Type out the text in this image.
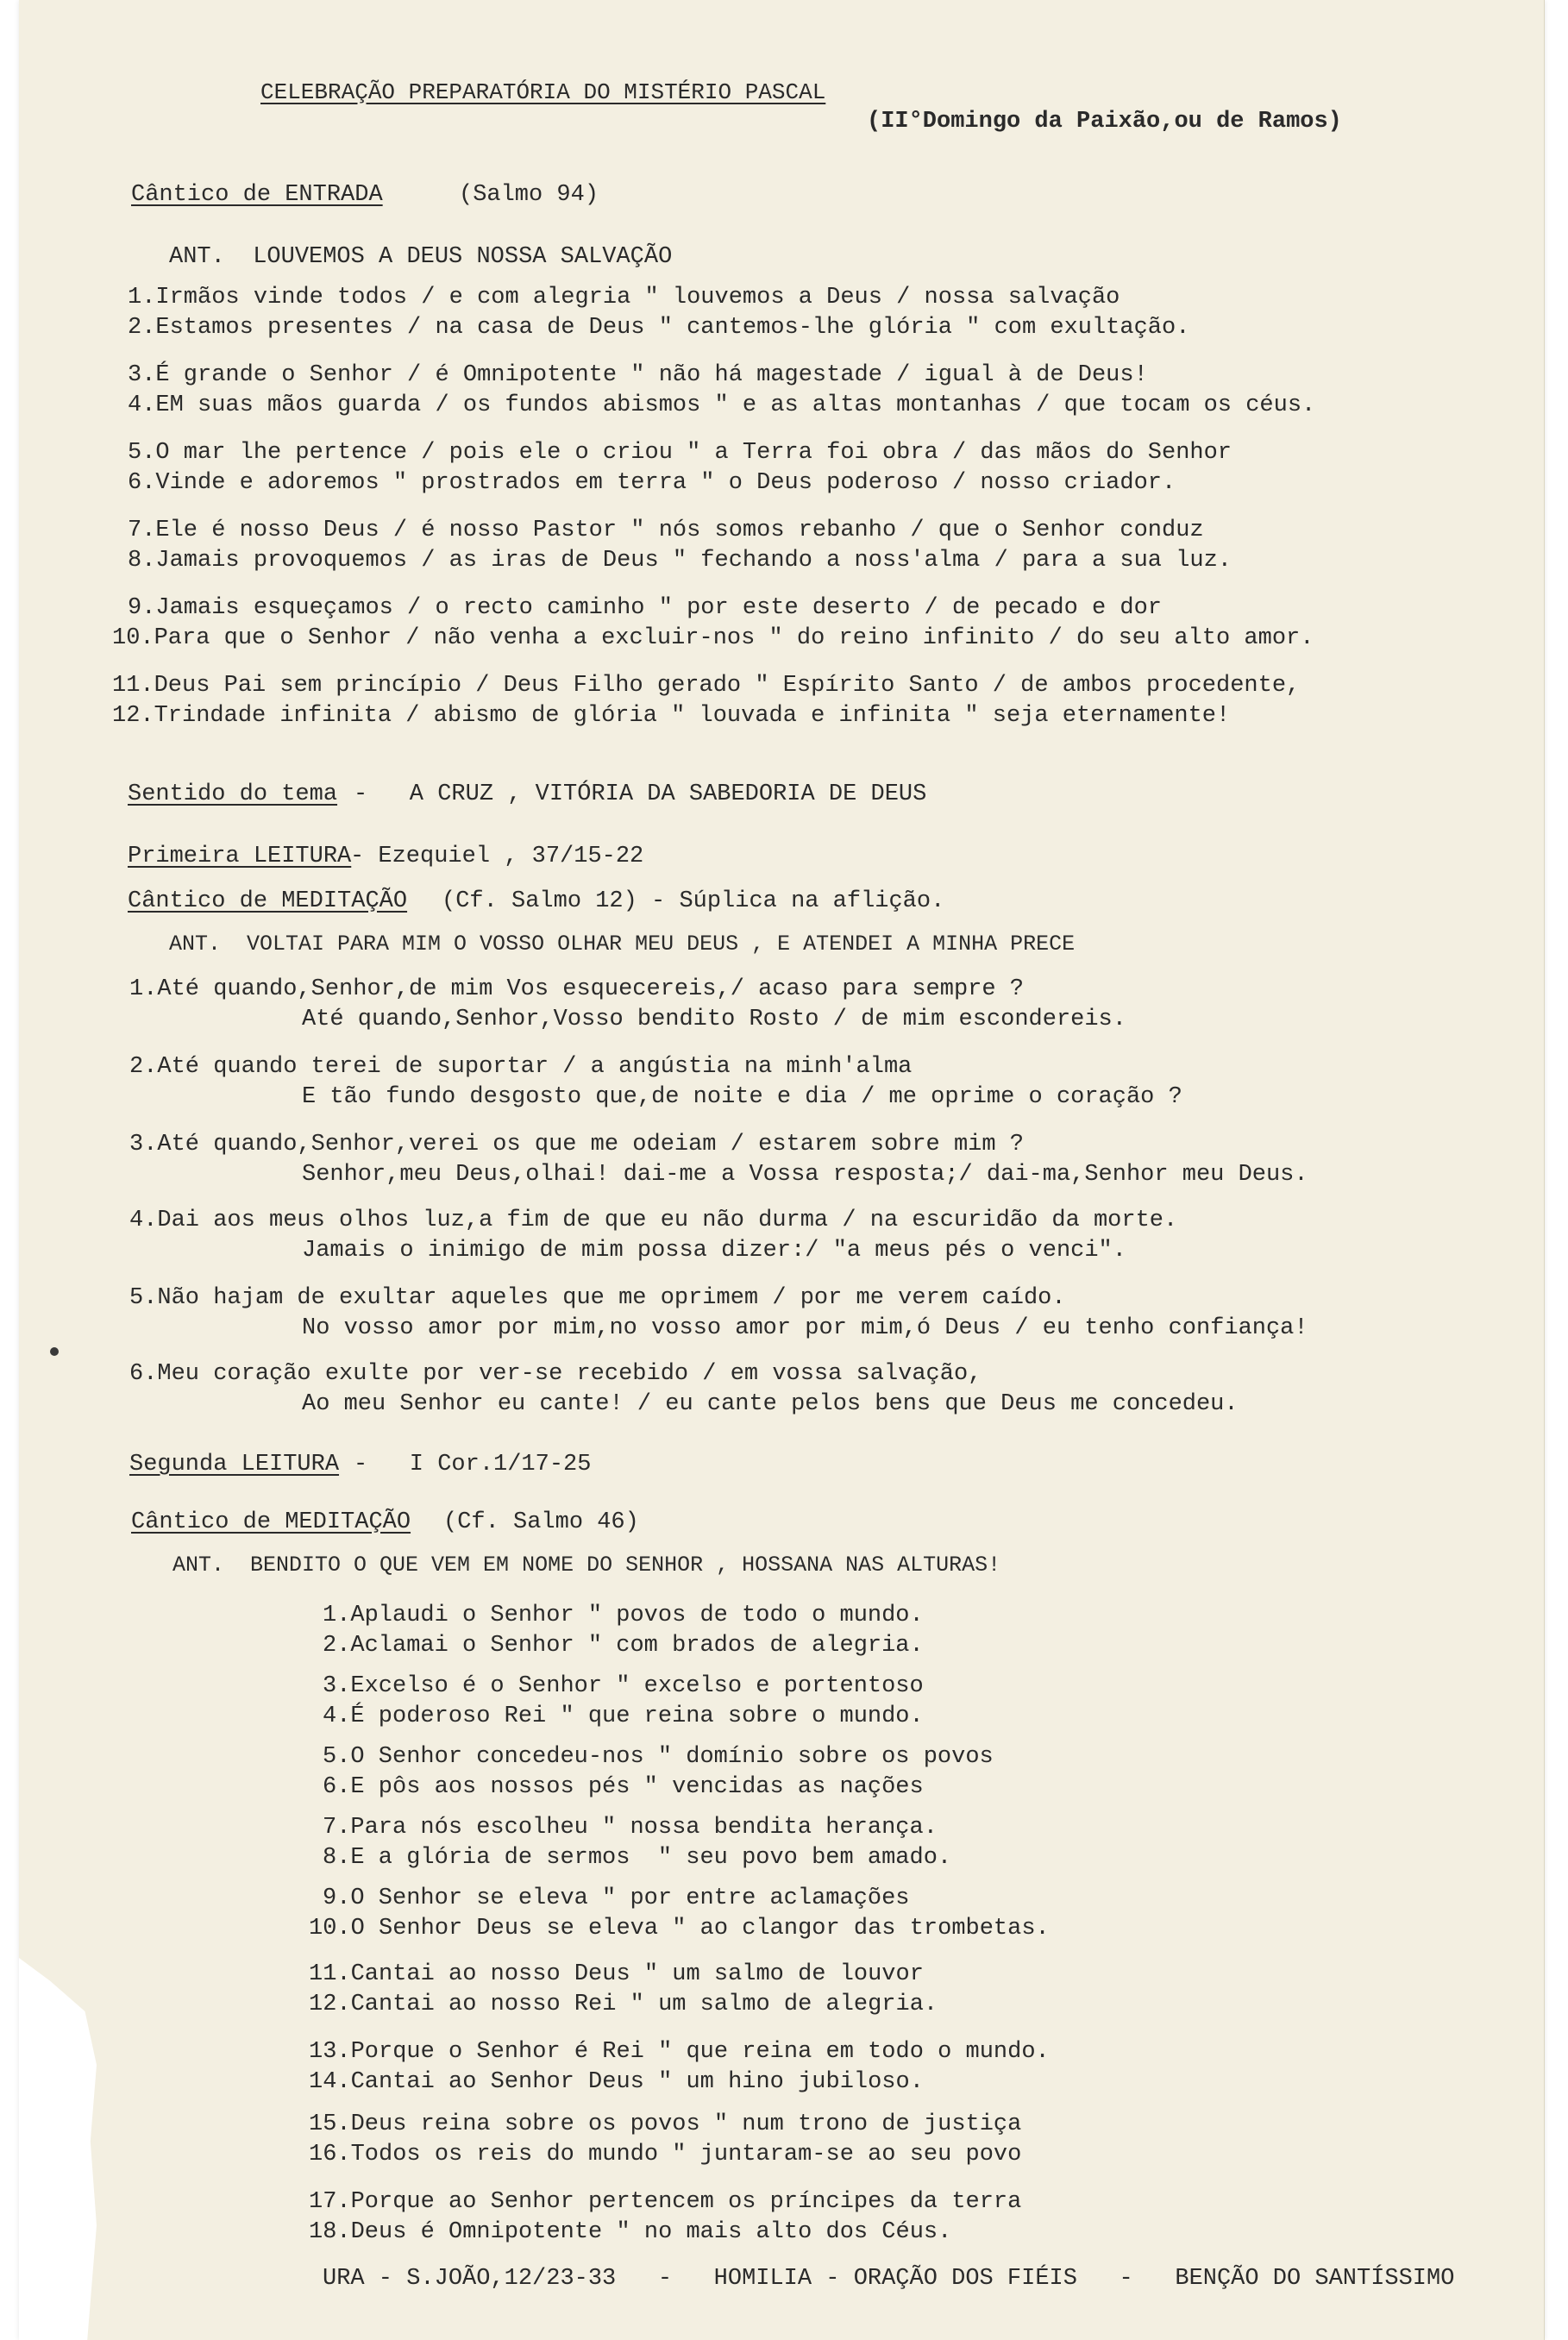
CELEBRAÇÃO PREPARATÓRIA DO MISTÉRIO PASCAL
(II°Domingo da Paixão,ou de Ramos)
Cântico de ENTRADA	(Salmo 94)
ANT.  LOUVEMOS A DEUS NOSSA SALVAÇÃO
1.Irmãos vinde todos / e com alegria " louvemos a Deus / nossa salvação
2.Estamos presentes / na casa de Deus " cantemos-lhe glória " com exultação.
3.É grande o Senhor / é Omnipotente " não há magestade / igual à de Deus!
4.EM suas mãos guarda / os fundos abismos " e as altas montanhas / que tocam os céus.
5.O mar lhe pertence / pois ele o criou " a Terra foi obra / das mãos do Senhor
6.Vinde e adoremos " prostrados em terra " o Deus poderoso / nosso criador.
7.Ele é nosso Deus / é nosso Pastor " nós somos rebanho / que o Senhor conduz
8.Jamais provoquemos / as iras de Deus " fechando a noss'alma / para a sua luz.
9.Jamais esqueçamos / o recto caminho " por este deserto / de pecado e dor
10.Para que o Senhor / não venha a excluir-nos " do reino infinito / do seu alto amor.
11.Deus Pai sem princípio / Deus Filho gerado " Espírito Santo / de ambos procedente,
12.Trindade infinita / abismo de glória " louvada e infinita " seja eternamente!
Sentido do tema -   A CRUZ , VITÓRIA DA SABEDORIA DE DEUS
Primeira LEITURA
- Ezequiel , 37/15-22
Cântico de MEDITAÇÃO (Cf. Salmo 12) - Súplica na aflição.
ANT.  VOLTAI PARA MIM O VOSSO OLHAR MEU DEUS , E ATENDEI A MINHA PRECE
1.Até quando,Senhor,de mim Vos esquecereis,/ acaso para sempre ?
Até quando,Senhor,Vosso bendito Rosto / de mim escondereis.
2.Até quando terei de suportar / a angústia na minh'alma
E tão fundo desgosto que,de noite e dia / me oprime o coração ?
3.Até quando,Senhor,verei os que me odeiam / estarem sobre mim ?
Senhor,meu Deus,olhai! dai-me a Vossa resposta;/ dai-ma,Senhor meu Deus.
4.Dai aos meus olhos luz,a fim de que eu não durma / na escuridão da morte.
Jamais o inimigo de mim possa dizer:/ "a meus pés o venci".
5.Não hajam de exultar aqueles que me oprimem / por me verem caído.
No vosso amor por mim,no vosso amor por mim,ó Deus / eu tenho confiança!
6.Meu coração exulte por ver-se recebido / em vossa salvação,
Ao meu Senhor eu cante! / eu cante pelos bens que Deus me concedeu.
Segunda LEITURA -   I Cor.1/17-25
Cântico de MEDITAÇÃO (Cf. Salmo 46)
ANT.  BENDITO O QUE VEM EM NOME DO SENHOR , HOSSANA NAS ALTURAS!
1.Aplaudi o Senhor " povos de todo o mundo.
2.Aclamai o Senhor " com brados de alegria.
3.Excelso é o Senhor " excelso e portentoso
4.É poderoso Rei " que reina sobre o mundo.
5.O Senhor concedeu-nos " domínio sobre os povos
6.E pôs aos nossos pés " vencidas as nações
7.Para nós escolheu " nossa bendita herança.
8.E a glória de sermos  " seu povo bem amado.
9.O Senhor se eleva " por entre aclamações
10.O Senhor Deus se eleva " ao clangor das trombetas.
11.Cantai ao nosso Deus " um salmo de louvor
12.Cantai ao nosso Rei " um salmo de alegria.
13.Porque o Senhor é Rei " que reina em todo o mundo.
14.Cantai ao Senhor Deus " um hino jubiloso.
15.Deus reina sobre os povos " num trono de justiça
16.Todos os reis do mundo " juntaram-se ao seu povo
17.Porque ao Senhor pertencem os príncipes da terra
18.Deus é Omnipotente " no mais alto dos Céus.
URA - S.JOÃO,12/23-33   -   HOMILIA - ORAÇÃO DOS FIÉIS   -   BENÇÃO DO SANTÍSSIMO
